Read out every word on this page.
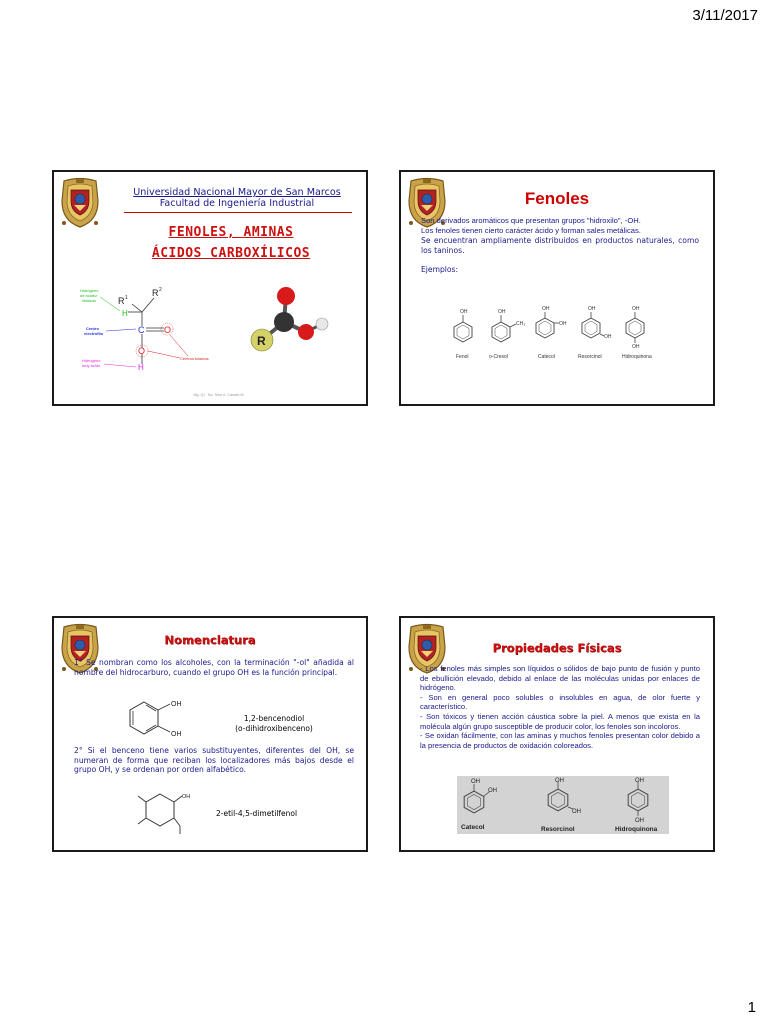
3/11/2017
Universidad Nacional Mayor de San Marcos
Facultad de Ingeniería Industrial
FENOLES, AMINAS
ÁCIDOS CARBOXÍLICOS
R 1	R 2
H
C O
O
H
Hidrógeno
de acidez
limitada
Centro
electrófilo
Hidrógeno
muy ácido
Centros básicos
R
Mg. Q.I. Tec. Sitor A. Casalín M.
Fenoles

Son derivados aromáticos que presentan grupos "hidroxilo", -OH.

Los fenoles tienen cierto carácter ácido y forman sales metálicas.

Se encuentran ampliamente distribuidos en productos naturales, como los taninos.

Ejemplos:

OH	OH
CH₃
OH
OH
OH
OH
OH
OH
Fenol	o-Cresol	Catecol	Resorcinol	Hidroquinona
Nomenclatura
1° Se nombran como los alcoholes, con la terminación "-ol" añadida al nombre del hidrocarburo, cuando el grupo OH es la función principal.
OH
OH
1,2-bencenodiol
(o-dihidroxibenceno)
2° Si el benceno tiene varios substituyentes, diferentes del OH, se numeran de forma que reciban los localizadores más bajos desde el grupo OH, y se ordenan por orden alfabético.
OH
2-etil-4,5-dimetilfenol
Propiedades Físicas

- Los fenoles más simples son líquidos o sólidos de bajo punto de fusión y punto de ebullición elevado, debido al enlace de las moléculas unidas por enlaces de hidrógeno.

- Son en general poco solubles o insolubles en agua, de olor fuerte y característico.

- Son tóxicos y tienen acción cáustica sobre la piel. A menos que exista en la molécula algún grupo susceptible de producir color, los fenoles son incoloros.

- Se oxidan fácilmente, con las aminas y muchos fenoles presentan color debido a la presencia de productos de oxidación coloreados.

OH
OH
OH
OH
OH
OH
Catecol	Resorcinol	Hidroquinona
1
